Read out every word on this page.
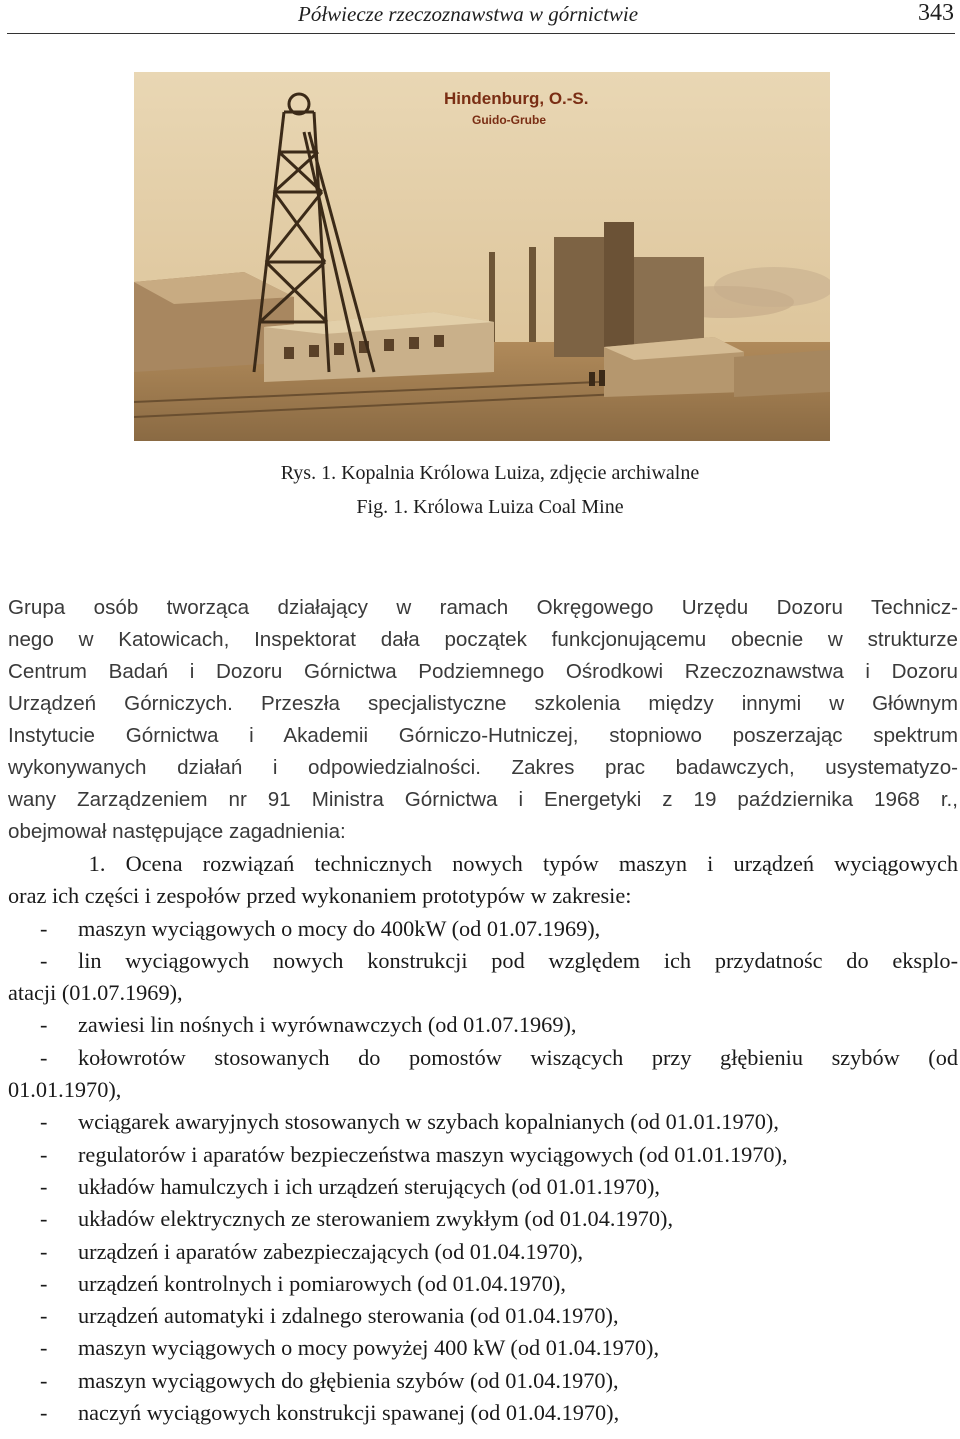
Półwiecze rzeczoznawstwa w górnictwie	343
Hindenburg, O.-S.
Guido-Grube
Rys. 1. Kopalnia Królowa Luiza, zdjęcie archiwalne
Fig. 1. Królowa Luiza Coal Mine
Grupa osób tworząca działający w ramach Okręgowego Urzędu Dozoru Technicz-
nego w Katowicach, Inspektorat dała początek funkcjonującemu obecnie w strukturze
Centrum Badań i Dozoru Górnictwa Podziemnego Ośrodkowi Rzeczoznawstwa i Dozoru
Urządzeń Górniczych. Przeszła specjalistyczne szkolenia między innymi w Głównym
Instytucie Górnictwa i Akademii Górniczo-Hutniczej, stopniowo poszerzając spektrum
wykonywanych działań i odpowiedzialności. Zakres prac badawczych, usystematyzo-
wany Zarządzeniem nr 91 Ministra Górnictwa i Energetyki z 19 października 1968 r.,
obejmował następujące zagadnienia:
1. Ocena rozwiązań technicznych nowych typów maszyn i urządzeń wyciągowych
oraz ich części i zespołów przed wykonaniem prototypów w zakresie:
- maszyn wyciągowych o mocy do 400kW (od 01.07.1969),
- lin wyciągowych nowych konstrukcji pod względem ich przydatnośc do eksplo-
atacji (01.07.1969),
- zawiesi lin nośnych i wyrównawczych (od 01.07.1969),
- kołowrotów stosowanych do pomostów wiszących przy głębieniu szybów (od
01.01.1970),
- wciągarek awaryjnych stosowanych w szybach kopalnianych (od 01.01.1970),
- regulatorów i aparatów bezpieczeństwa maszyn wyciągowych (od 01.01.1970),
- układów hamulczych i ich urządzeń sterujących (od 01.01.1970),
- układów elektrycznych ze sterowaniem zwykłym (od 01.04.1970),
- urządzeń i aparatów zabezpieczających (od 01.04.1970),
- urządzeń kontrolnych i pomiarowych (od 01.04.1970),
- urządzeń automatyki i zdalnego sterowania (od 01.04.1970),
- maszyn wyciągowych o mocy powyżej 400 kW (od 01.04.1970),
- maszyn wyciągowych do głębienia szybów (od 01.04.1970),
- naczyń wyciągowych konstrukcji spawanej (od 01.04.1970),
